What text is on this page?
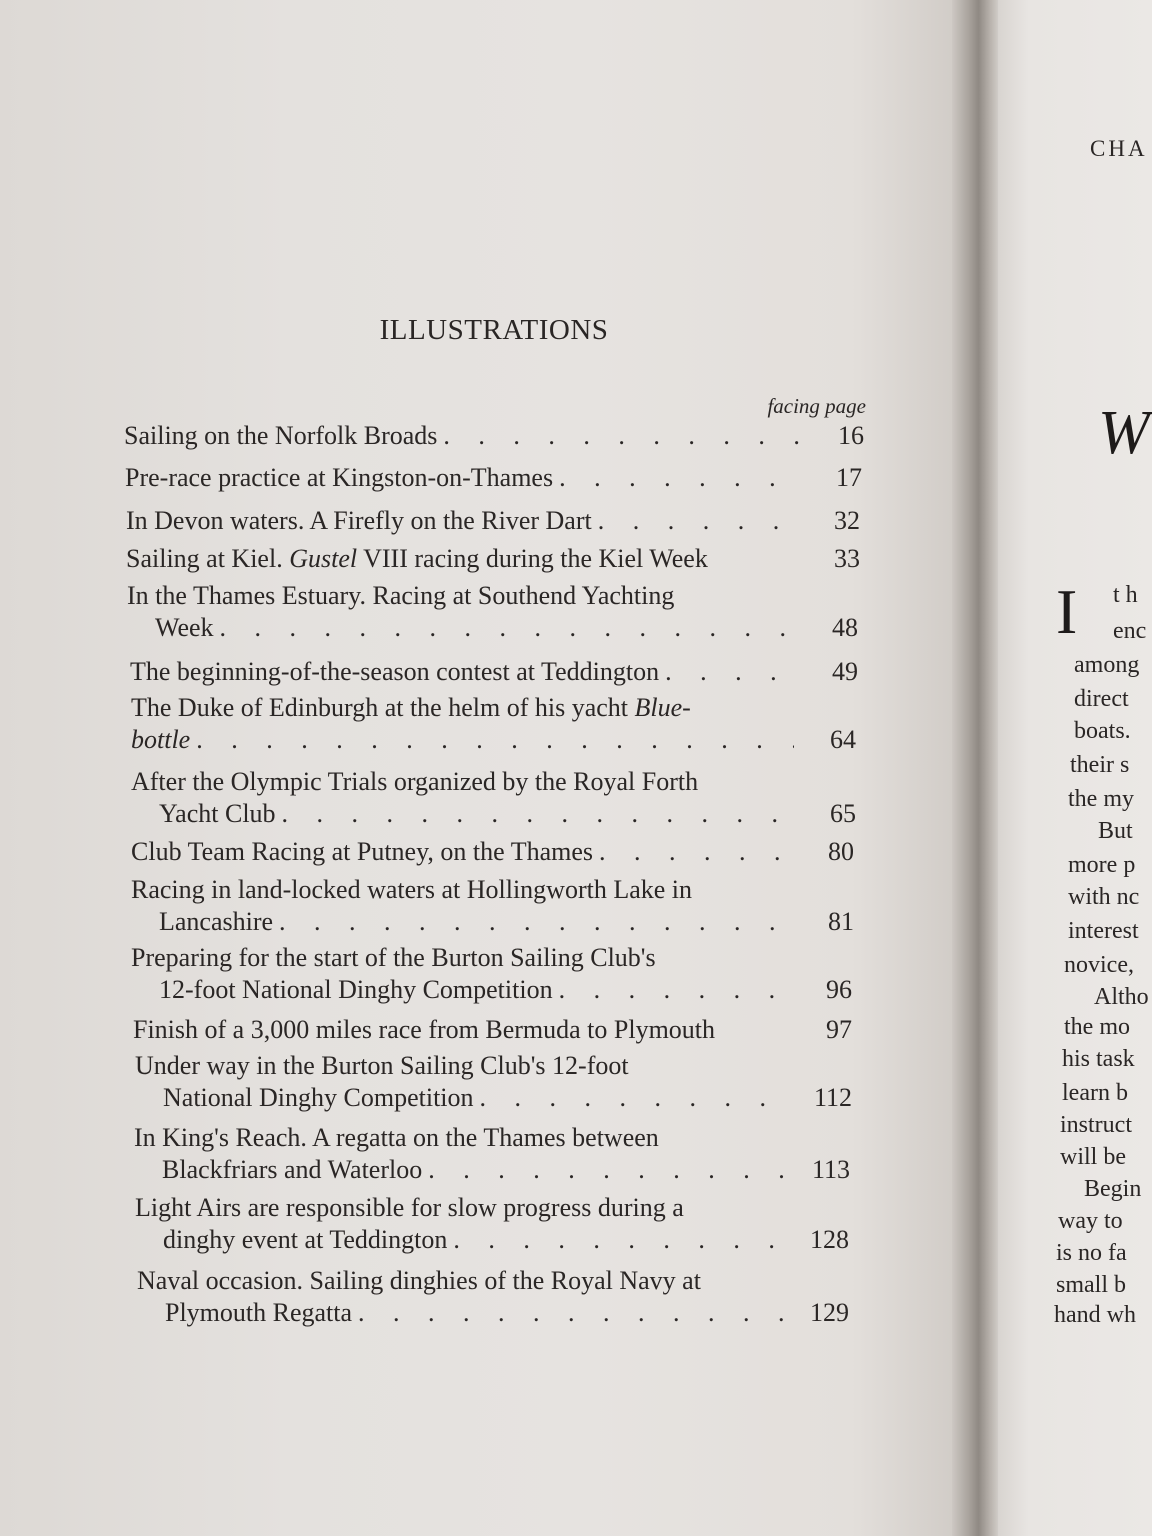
ILLUSTRATIONS
facing page
Sailing on the Norfolk Broads . . .	16
Pre-race practice at Kingston-on-Thames . . .	17
In Devon waters. A Firefly on the River Dart . . .	32
Sailing at Kiel. Gustel VIII racing during the Kiel Week	33
In the Thames Estuary. Racing at Southend Yachting
Week . . .	48
The beginning-of-the-season contest at Teddington . . .	49
The Duke of Edinburgh at the helm of his yacht Blue-
bottle . . .	64
After the Olympic Trials organized by the Royal Forth
Yacht Club . . .	65
Club Team Racing at Putney, on the Thames . . .	80
Racing in land-locked waters at Hollingworth Lake in
Lancashire . . .	81
Preparing for the start of the Burton Sailing Club's
12-foot National Dinghy Competition . . .	96
Finish of a 3,000 miles race from Bermuda to Plymouth	97
Under way in the Burton Sailing Club's 12-foot
National Dinghy Competition . . .	112
In King's Reach. A regatta on the Thames between
Blackfriars and Waterloo . . .	113
Light Airs are responsible for slow progress during a
dinghy event at Teddington . . .	128
Naval occasion. Sailing dinghies of the Royal Navy at
Plymouth Regatta . . .	129
CHA
W
I t h
enc
among
direct
boats.
their s
the my
But
more p
with nc
interest
novice,
Altho
the mo
his task
learn b
instruct
will be
Begin
way to
is no fa
small b
hand wh
